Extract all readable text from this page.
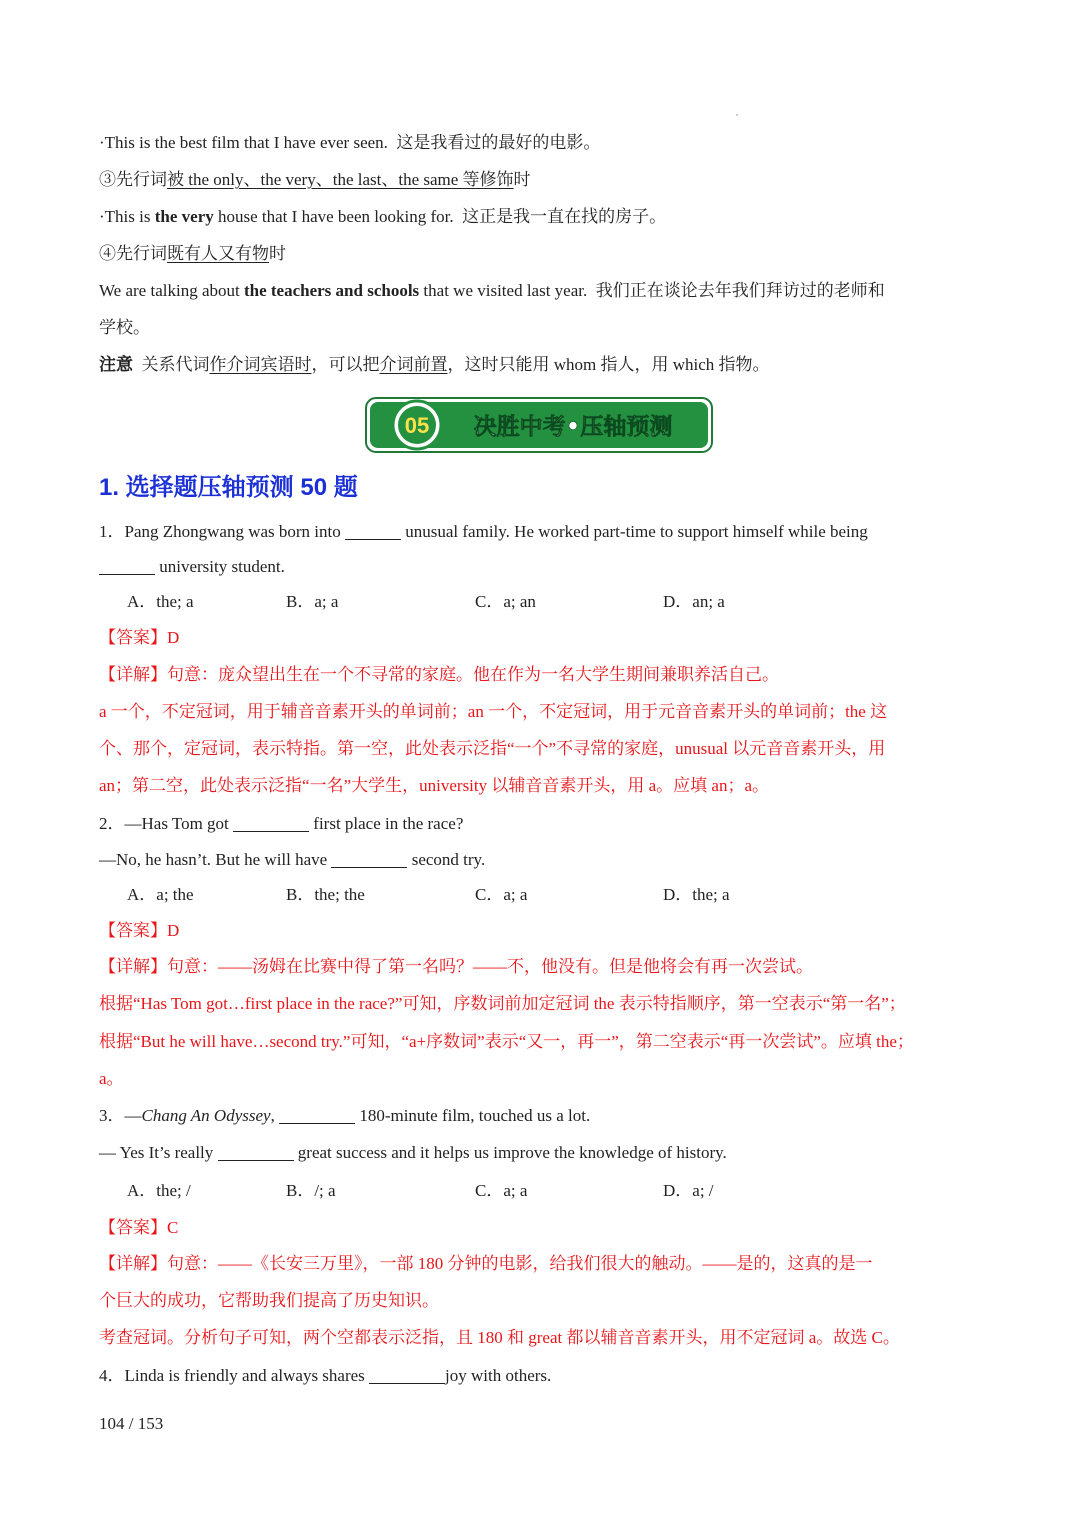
·This is the best film that I have ever seen. 这是我看过的最好的电影。
③先行词被 the only、the very、the last、the same 等修饰时
·This is the very house that I have been looking for. 这正是我一直在找的房子。
④先行词既有人又有物时
We are talking about the teachers and schools that we visited last year. 我们正在谈论去年我们拜访过的老师和
学校。
注意 关系代词作介词宾语时，可以把介词前置，这时只能用 whom 指人，用 which 指物。
05 决胜中考•压轴预测
1. 选择题压轴预测 50 题
1．Pang Zhongwang was born into	unusual family. He worked part-time to support himself while being
university student.
A．the; a	B．a; a	C．a; an	D．an; a
【答案】D
【详解】句意：庞众望出生在一个不寻常的家庭。他在作为一名大学生期间兼职养活自己。
a 一个，不定冠词，用于辅音音素开头的单词前；an 一个，不定冠词，用于元音音素开头的单词前；the 这
个、那个，定冠词，表示特指。第一空，此处表示泛指“一个”不寻常的家庭，unusual 以元音音素开头，用
an；第二空，此处表示泛指“一名”大学生，university 以辅音音素开头，用 a。应填 an；a。
2．—Has Tom got	first place in the race?
—No, he hasn’t. But he will have	second try.
A．a; the	B．the; the	C．a; a	D．the; a
【答案】D
【详解】句意：——汤姆在比赛中得了第一名吗？——不，他没有。但是他将会有再一次尝试。
根据“Has Tom got…first place in the race?”可知，序数词前加定冠词 the 表示特指顺序，第一空表示“第一名”；
根据“But he will have…second try.”可知，“a+序数词”表示“又一，再一”，第二空表示“再一次尝试”。应填 the；
a。
3．—Chang An Odyssey,	180-minute film, touched us a lot.
— Yes It’s really	great success and it helps us improve the knowledge of history.
A．the; /	B．/; a	C．a; a	D．a; /
【答案】C
【详解】句意：——《长安三万里》，一部 180 分钟的电影，给我们很大的触动。——是的，这真的是一
个巨大的成功，它帮助我们提高了历史知识。
考查冠词。分析句子可知，两个空都表示泛指，且 180 和 great 都以辅音音素开头，用不定冠词 a。故选 C。
4．Linda is friendly and always shares	joy with others.
104 / 153
